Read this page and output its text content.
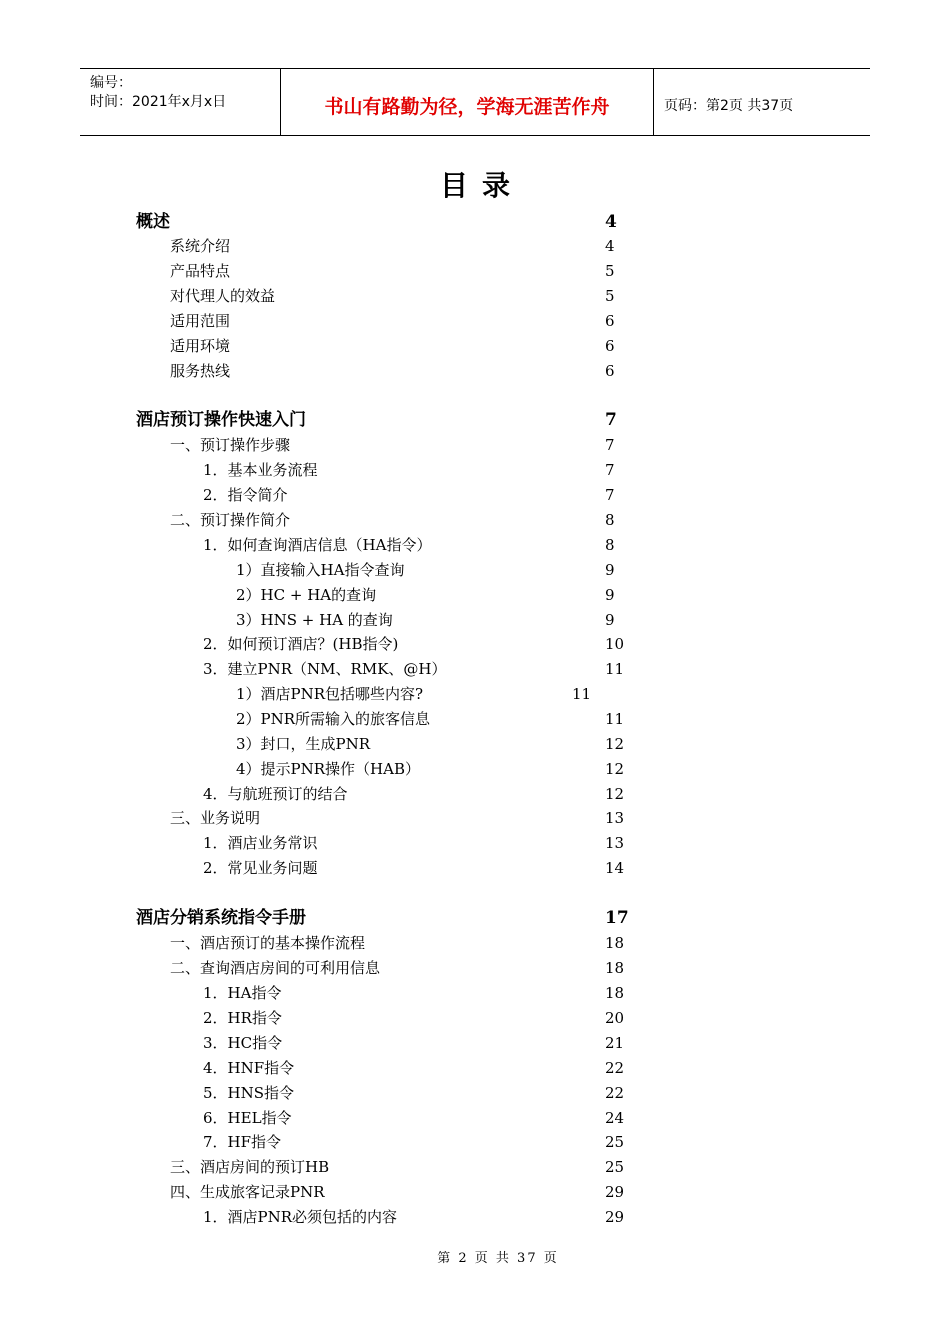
编号：
时间：2021年x月x日	书山有路勤为径，学海无涯苦作舟	页码：第2页 共37页
目录
概述	4
系统介绍	4
产品特点	5
对代理人的效益	5
适用范围	6
适用环境	6
服务热线	6
酒店预订操作快速入门	7
一、预订操作步骤	7
1．基本业务流程	7
2．指令简介	7
二、预订操作简介	8
1．如何查询酒店信息（HA指令）	8
1）直接输入HA指令查询	9
2）HC + HA的查询	9
3）HNS + HA 的查询	9
2．如何预订酒店？(HB指令)	10
3．建立PNR（NM、RMK、@H）	11
1）酒店PNR包括哪些内容?	11
2）PNR所需输入的旅客信息	11
3）封口，生成PNR	12
4）提示PNR操作（HAB）	12
4．与航班预订的结合	12
三、业务说明	13
1．酒店业务常识	13
2．常见业务问题	14
酒店分销系统指令手册	17
一、酒店预订的基本操作流程	18
二、查询酒店房间的可利用信息	18
1．HA指令	18
2．HR指令	20
3．HC指令	21
4．HNF指令	22
5．HNS指令	22
6．HEL指令	24
7．HF指令	25
三、酒店房间的预订HB	25
四、生成旅客记录PNR	29
1．酒店PNR必须包括的内容	29
第 2 页 共 37 页
